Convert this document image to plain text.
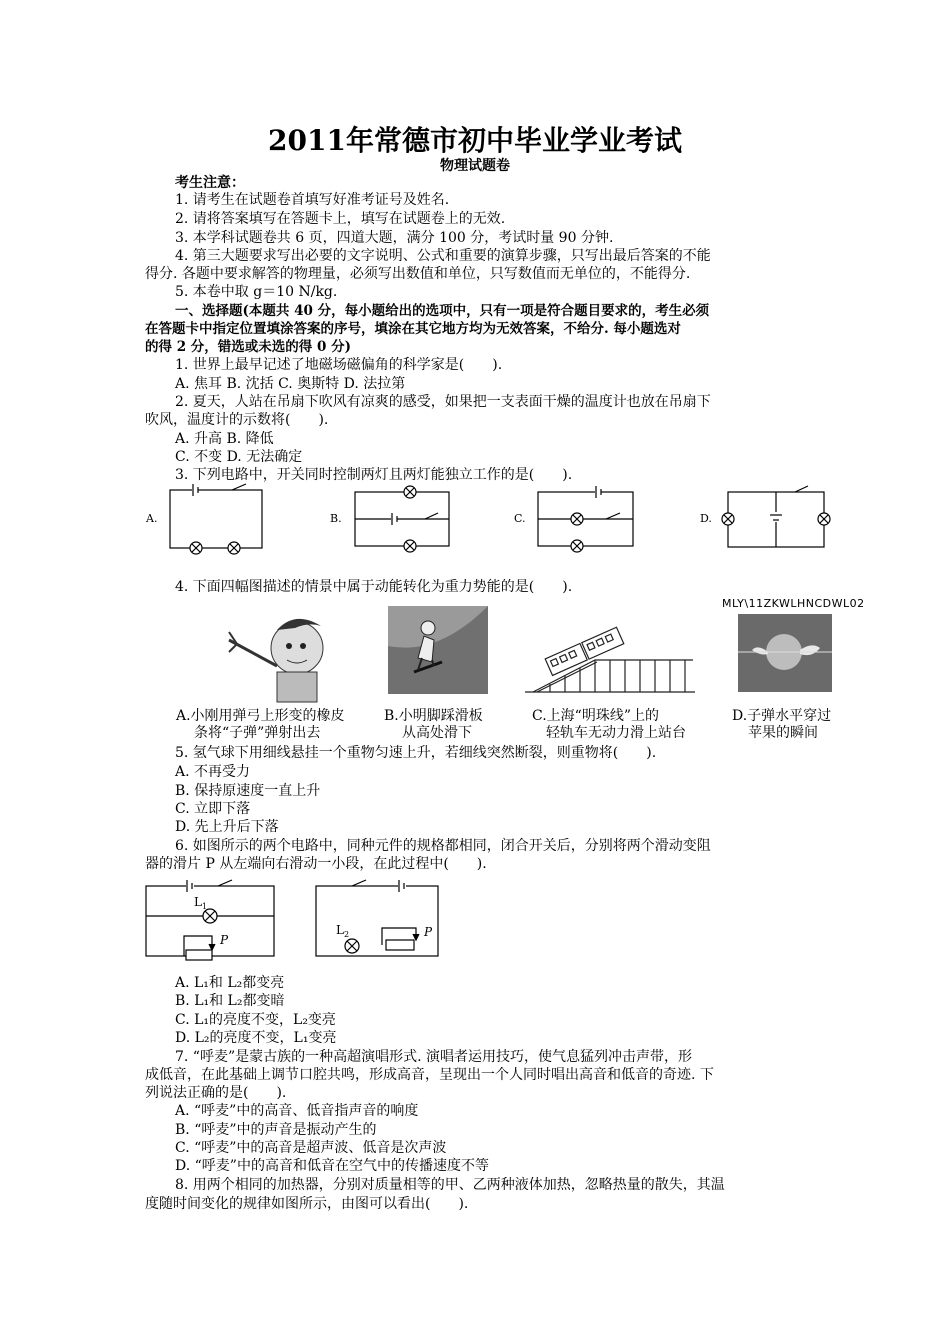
2011年常德市初中毕业学业考试
物理试题卷
考生注意：
1. 请考生在试题卷首填写好准考证号及姓名.
2. 请将答案填写在答题卡上，填写在试题卷上的无效.
3. 本学科试题卷共 6 页，四道大题，满分 100 分，考试时量 90 分钟.
4. 第三大题要求写出必要的文字说明、公式和重要的演算步骤，只写出最后答案的不能
得分. 各题中要求解答的物理量，必须写出数值和单位，只写数值而无单位的，不能得分.
5. 本卷中取 g＝10 N/kg.
一、选择题(本题共 40 分，每小题给出的选项中，只有一项是符合题目要求的，考生必须
在答题卡中指定位置填涂答案的序号，填涂在其它地方均为无效答案，不给分. 每小题选对
的得 2 分，错选或未选的得 0 分)
1. 世界上最早记述了地磁场磁偏角的科学家是(　　).
A. 焦耳 B. 沈括 C. 奥斯特 D. 法拉第
2. 夏天，人站在吊扇下吹风有凉爽的感受，如果把一支表面干燥的温度计也放在吊扇下
吹风，温度计的示数将(　　).
A. 升高 B. 降低
C. 不变 D. 无法确定
3. 下列电路中，开关同时控制两灯且两灯能独立工作的是(　　).
A.	B.	C.	D.
4. 下面四幅图描述的情景中属于动能转化为重力势能的是(　　).
MLY\11ZKWLHNCDWL02
A.小刚用弹弓上形变的橡皮
条将“子弹”弹射出去
B.小明脚踩滑板
从高处滑下
C.上海“明珠线”上的
轻轨车无动力滑上站台
D.子弹水平穿过
苹果的瞬间
5. 氢气球下用细线悬挂一个重物匀速上升，若细线突然断裂，则重物将(　　).
A. 不再受力
B. 保持原速度一直上升
C. 立即下落
D. 先上升后下落
6. 如图所示的两个电路中，同种元件的规格都相同，闭合开关后，分别将两个滑动变阻
器的滑片 P 从左端向右滑动一小段，在此过程中(　　).
L 1
P
L 2	P
A. L₁和 L₂都变亮
B. L₁和 L₂都变暗
C. L₁的亮度不变，L₂变亮
D. L₂的亮度不变，L₁变亮
7. “呼麦”是蒙古族的一种高超演唱形式. 演唱者运用技巧，使气息猛列冲击声带，形
成低音，在此基础上调节口腔共鸣，形成高音，呈现出一个人同时唱出高音和低音的奇迹. 下
列说法正确的是(　　).
A. “呼麦”中的高音、低音指声音的响度
B. “呼麦”中的声音是振动产生的
C. “呼麦”中的高音是超声波、低音是次声波
D. “呼麦”中的高音和低音在空气中的传播速度不等
8. 用两个相同的加热器，分别对质量相等的甲、乙两种液体加热，忽略热量的散失，其温
度随时间变化的规律如图所示，由图可以看出(　　).
